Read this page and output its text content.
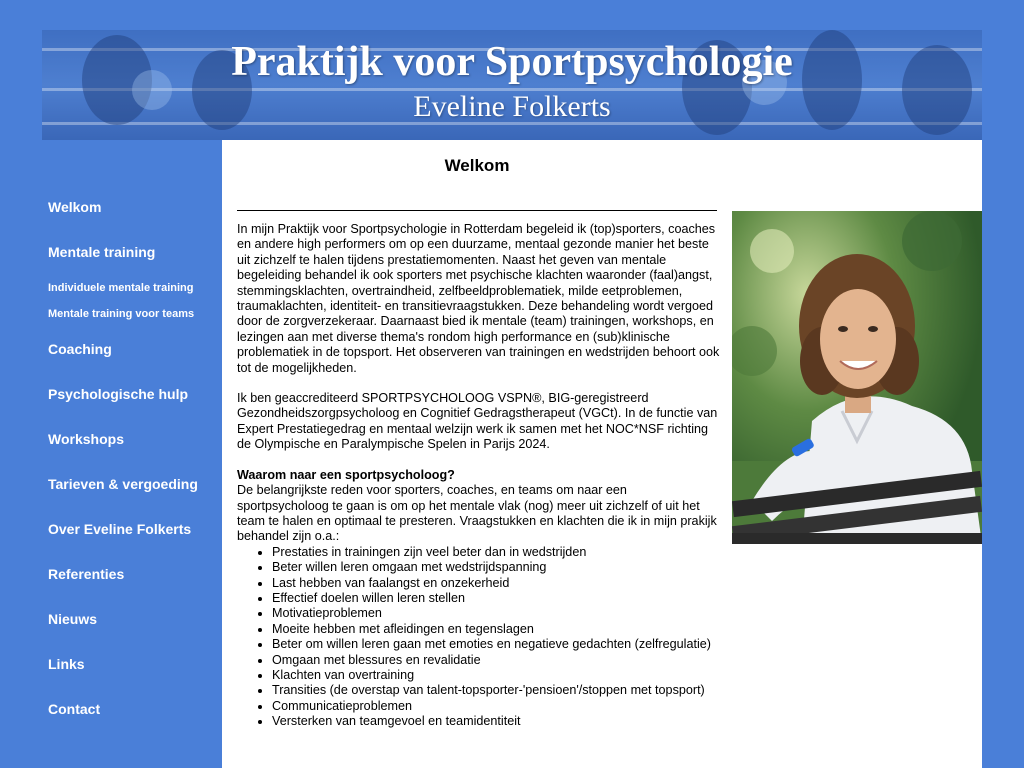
Praktijk voor Sportpsychologie
Eveline Folkerts
Welkom
Mentale training
Individuele mentale training
Mentale training voor teams
Coaching
Psychologische hulp
Workshops
Tarieven & vergoeding
Over Eveline Folkerts
Referenties
Nieuws
Links
Contact
Welkom

In mijn Praktijk voor Sportpsychologie in Rotterdam begeleid ik (top)sporters, coaches en andere high performers om op een duurzame, mentaal gezonde manier het beste uit zichzelf te halen tijdens prestatiemomenten. Naast het geven van mentale begeleiding behandel ik ook sporters met psychische klachten waaronder (faal)angst, stemmingsklachten, overtraindheid, zelfbeeldproblematiek, milde eetproblemen, traumaklachten, identiteit- en transitievraagstukken. Deze behandeling wordt vergoed door de zorgverzekeraar. Daarnaast bied ik mentale (team) trainingen, workshops, en lezingen aan met diverse thema's rondom high performance en (sub)klinische problematiek in de topsport. Het observeren van trainingen en wedstrijden behoort ook tot de mogelijkheden.

Ik ben geaccrediteerd SPORTPSYCHOLOOG VSPN®, BIG-geregistreerd Gezondheidszorgpsycholoog en Cognitief Gedragstherapeut (VGCt). In de functie van Expert Prestatiegedrag en mentaal welzijn werk ik samen met het NOC*NSF richting de Olympische en Paralympische Spelen in Parijs 2024.

Waarom naar een sportpsycholoog?
De belangrijkste reden voor sporters, coaches, en teams om naar een sportpsycholoog te gaan is om op het mentale vlak (nog) meer uit zichzelf of uit het team te halen en optimaal te presteren. Vraagstukken en klachten die ik in mijn prakijk behandel zijn o.a.:
• Prestaties in trainingen zijn veel beter dan in wedstrijden
• Beter willen leren omgaan met wedstrijdspanning
• Last hebben van faalangst en onzekerheid
• Effectief doelen willen leren stellen
• Motivatieproblemen
• Moeite hebben met afleidingen en tegenslagen
• Beter om willen leren gaan met emoties en negatieve gedachten (zelfregulatie)
• Omgaan met blessures en revalidatie
• Klachten van overtraining
• Transities (de overstap van talent-topsporter-'pensioen'/stoppen met topsport)
• Communicatieproblemen
• Versterken van teamgevoel en teamidentiteit
